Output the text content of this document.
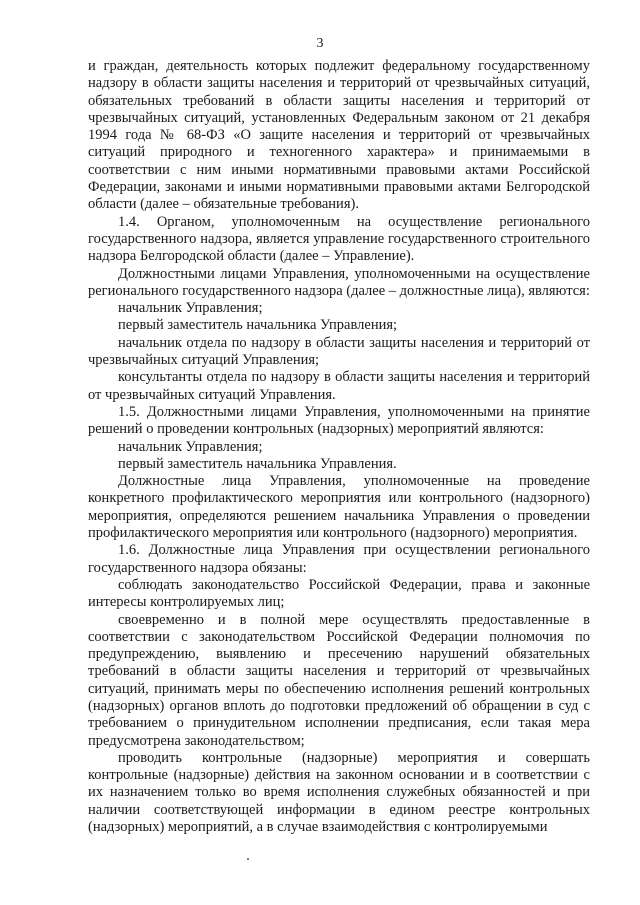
3

и граждан, деятельность которых подлежит федеральному государственному надзору в области защиты населения и территорий от чрезвычайных ситуаций, обязательных требований в области защиты населения и территорий от чрезвычайных ситуаций, установленных Федеральным законом от 21 декабря 1994 года № 68-ФЗ «О защите населения и территорий от чрезвычайных ситуаций природного и техногенного характера» и принимаемыми в соответствии с ним иными нормативными правовыми актами Российской Федерации, законами и иными нормативными правовыми актами Белгородской области (далее – обязательные требования).

1.4. Органом, уполномоченным на осуществление регионального государственного надзора, является управление государственного строительного надзора Белгородской области (далее – Управление).

Должностными лицами Управления, уполномоченными на осуществление регионального государственного надзора (далее – должностные лица), являются:

начальник Управления;

первый заместитель начальника Управления;

начальник отдела по надзору в области защиты населения и территорий от чрезвычайных ситуаций Управления;

консультанты отдела по надзору в области защиты населения и территорий от чрезвычайных ситуаций Управления.

1.5. Должностными лицами Управления, уполномоченными на принятие решений о проведении контрольных (надзорных) мероприятий являются:

начальник Управления;

первый заместитель начальника Управления.

Должностные лица Управления, уполномоченные на проведение конкретного профилактического мероприятия или контрольного (надзорного) мероприятия, определяются решением начальника Управления о проведении профилактического мероприятия или контрольного (надзорного) мероприятия.

1.6. Должностные лица Управления при осуществлении регионального государственного надзора обязаны:

соблюдать законодательство Российской Федерации, права и законные интересы контролируемых лиц;

своевременно и в полной мере осуществлять предоставленные в соответствии с законодательством Российской Федерации полномочия по предупреждению, выявлению и пресечению нарушений обязательных требований в области защиты населения и территорий от чрезвычайных ситуаций, принимать меры по обеспечению исполнения решений контрольных (надзорных) органов вплоть до подготовки предложений об обращении в суд с требованием о принудительном исполнении предписания, если такая мера предусмотрена законодательством;

проводить контрольные (надзорные) мероприятия и совершать контрольные (надзорные) действия на законном основании и в соответствии с их назначением только во время исполнения служебных обязанностей и при наличии соответствующей информации в едином реестре контрольных (надзорных) мероприятий, а в случае взаимодействия с контролируемыми
